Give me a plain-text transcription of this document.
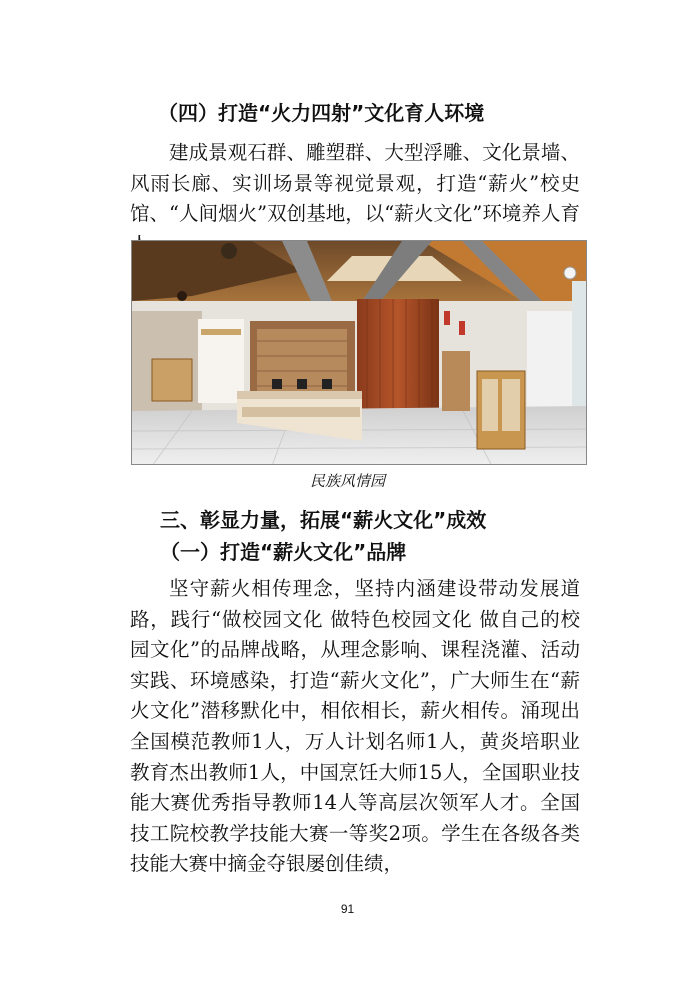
（四）打造“火力四射”文化育人环境

建成景观石群、雕塑群、大型浮雕、文化景墙、风雨长廊、实训场景等视觉景观，打造“薪火”校史馆、“人间烟火”双创基地，以“薪火文化”环境养人育

民族风情园
三、彰显力量，拓展“薪火文化”成效
（一）打造“薪火文化”品牌

坚守薪火相传理念，坚持内涵建设带动发展道路，践行“做校园文化 做特色校园文化 做自己的校园文化”的品牌战略，从理念影响、课程浇灌、活动实践、环境感染，打造“薪火文化”，广大师生在“薪火文化”潜移默化中，相依相长，薪火相传。涌现出全国模范教师1人，万人计划名师1人，黄炎培职业教育杰出教师1人，中国烹饪大师15人，全国职业技能大赛优秀指导教师14人等高层次领军人才。全国技工院校教学技能大赛一等奖2项。学生在各级各类技能大赛中摘金夺银屡创佳绩，

91
